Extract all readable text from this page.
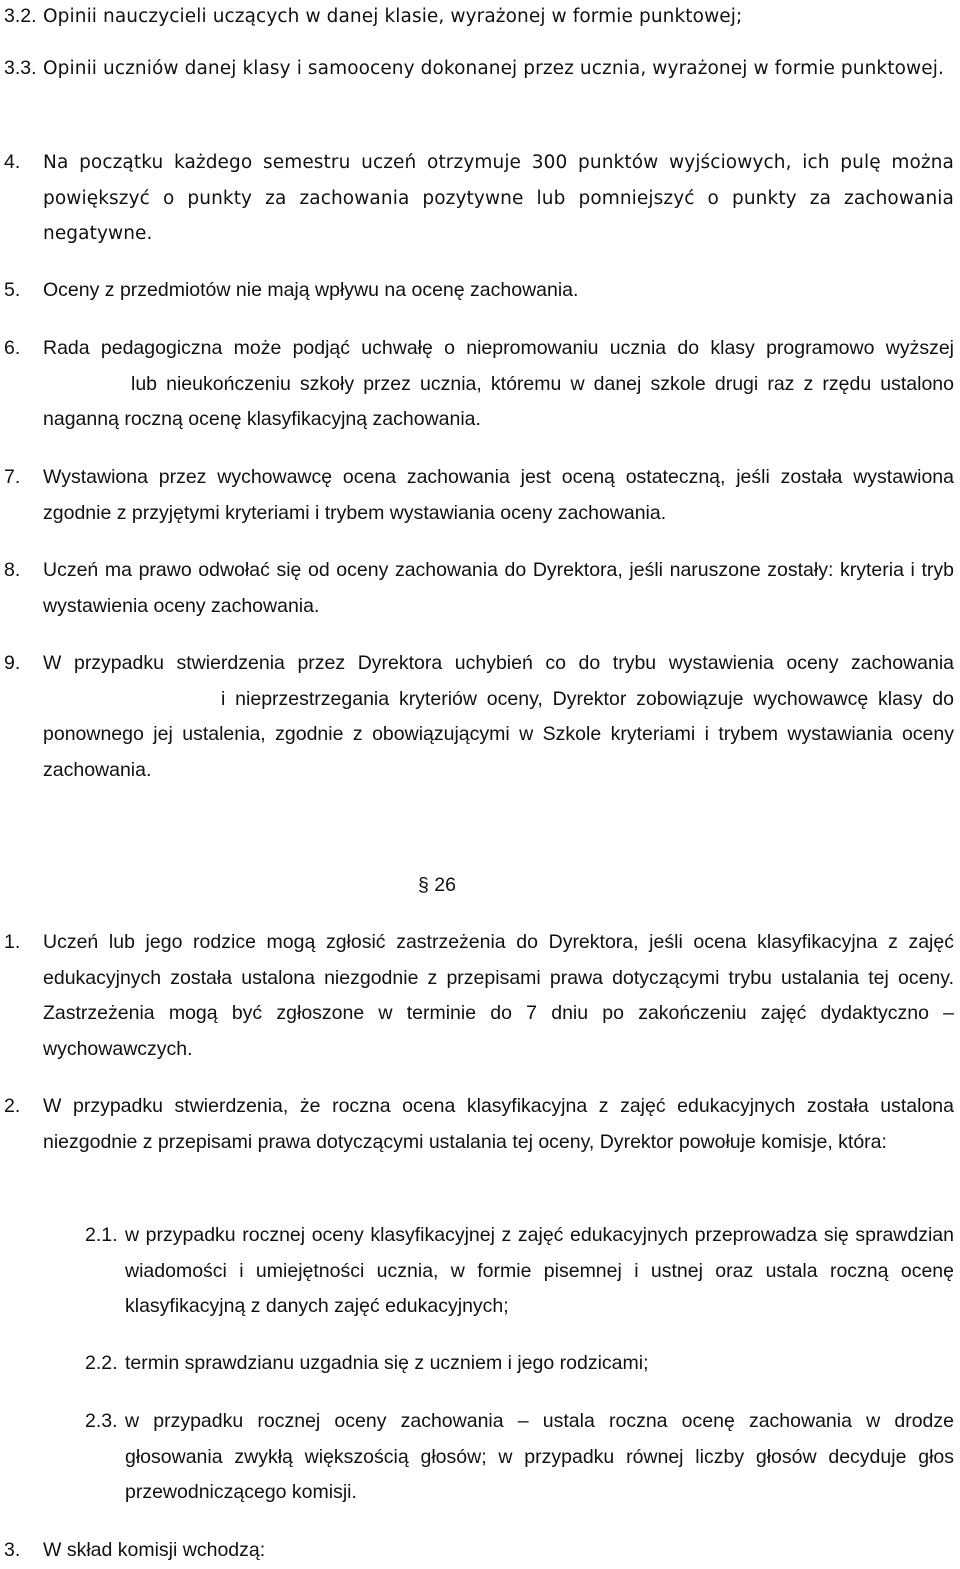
3.2. Opinii nauczycieli uczących w danej klasie, wyrażonej w formie punktowej;
3.3. Opinii uczniów danej klasy i samooceny dokonanej przez ucznia, wyrażonej w formie punktowej.
4. Na początku każdego semestru uczeń otrzymuje 300 punktów wyjściowych, ich pulę można powiększyć o punkty za zachowania pozytywne lub pomniejszyć o punkty za zachowania negatywne.
5. Oceny z przedmiotów nie mają wpływu na ocenę zachowania.
6. Rada pedagogiczna może podjąć uchwałę o niepromowaniu ucznia do klasy programowo wyższejlub nieukończeniu szkoły przez ucznia, któremu w danej szkole drugi raz z rzędu ustalono naganną roczną ocenę klasyfikacyjną zachowania.
7. Wystawiona przez wychowawcę ocena zachowania jest oceną ostateczną, jeśli została wystawiona zgodnie z przyjętymi kryteriami i trybem wystawiania oceny zachowania.
8. Uczeń ma prawo odwołać się od oceny zachowania do Dyrektora, jeśli naruszone zostały: kryteria i tryb wystawienia oceny zachowania.
9. W przypadku stwierdzenia przez Dyrektora uchybień co do trybu wystawienia oceny zachowaniai nieprzestrzegania kryteriów oceny, Dyrektor zobowiązuje wychowawcę klasy do ponownego jej ustalenia, zgodnie z obowiązującymi w Szkole kryteriami i trybem wystawiania oceny zachowania.
§ 26
1. Uczeń lub jego rodzice mogą zgłosić zastrzeżenia do Dyrektora, jeśli ocena klasyfikacyjna z zajęć edukacyjnych została ustalona niezgodnie z przepisami prawa dotyczącymi trybu ustalania tej oceny. Zastrzeżenia mogą być zgłoszone w terminie do 7 dniu po zakończeniu zajęć dydaktyczno – wychowawczych.
2. W przypadku stwierdzenia, że roczna ocena klasyfikacyjna z zajęć edukacyjnych została ustalona niezgodnie z przepisami prawa dotyczącymi ustalania tej oceny, Dyrektor powołuje komisje, która:
2.1. w przypadku rocznej oceny klasyfikacyjnej z zajęć edukacyjnych przeprowadza się sprawdzian wiadomości i umiejętności ucznia, w formie pisemnej i ustnej oraz ustala roczną ocenę klasyfikacyjną z danych zajęć edukacyjnych;
2.2. termin sprawdzianu uzgadnia się z uczniem i jego rodzicami;
2.3. w przypadku rocznej oceny zachowania – ustala roczna ocenę zachowania w drodze głosowania zwykłą większością głosów; w przypadku równej liczby głosów decyduje głos przewodniczącego komisji.
3. W skład komisji wchodzą:
